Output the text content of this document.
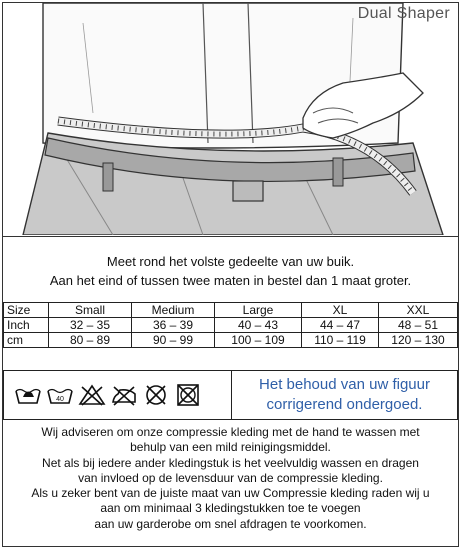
Dual Shaper
Meet rond het volste gedeelte van uw buik.
Aan het eind of tussen twee maten in bestel dan 1 maat groter.
Size	Small	Medium	Large	XL	XXL
Inch	32 – 35	36 – 39	40 – 43	44 – 47	48 – 51
cm	80 – 89	90 – 99	100 – 109	110 – 119	120 – 130
40
Het behoud van uw figuur
corrigerend ondergoed.
Wij adviseren om onze compressie kleding met de hand te wassen met
behulp van een mild reinigingsmiddel.
Net als bij iedere ander kledingstuk is het veelvuldig wassen en dragen
van invloed op de levensduur van de compressie kleding.
Als u zeker bent van de juiste maat van uw Compressie kleding raden wij u
aan om minimaal 3 kledingstukken toe te voegen
aan uw garderobe om snel afdragen te voorkomen.
